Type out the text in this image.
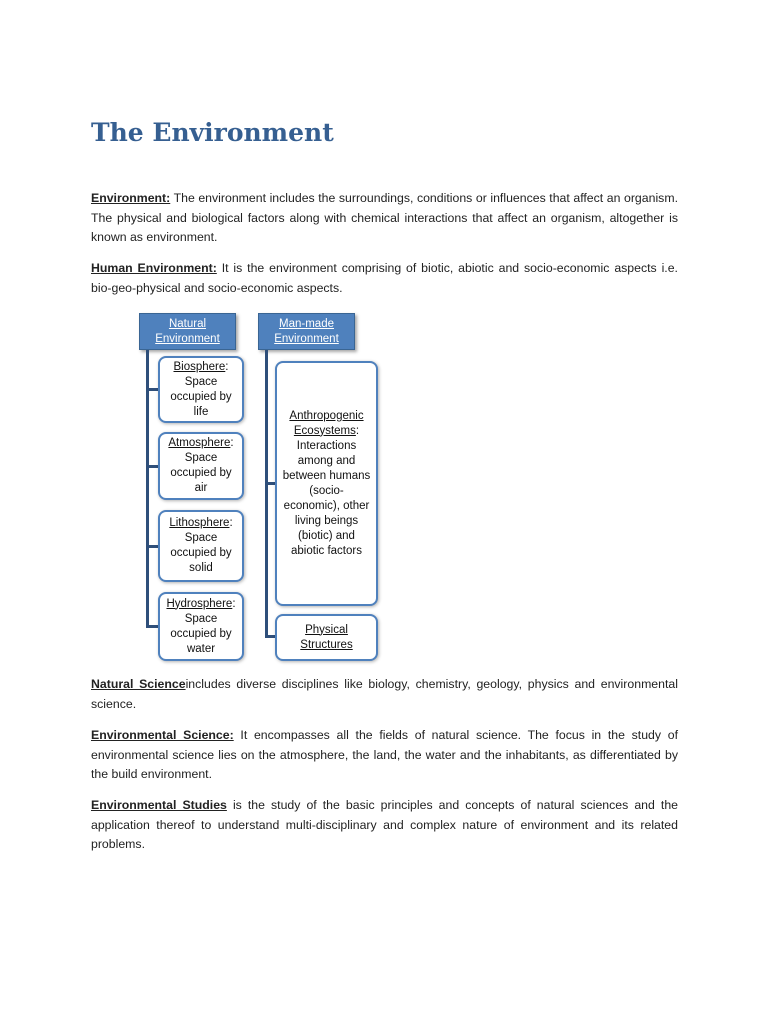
The Environment

Environment: The environment includes the surroundings, conditions or influences that affect an organism. The physical and biological factors along with chemical interactions that affect an organism, altogether is known as environment.

Human Environment: It is the environment comprising of biotic, abiotic and socio-economic aspects i.e. bio-geo-physical and socio-economic aspects.

Natural Environment
Biosphere:
Space occupied by life
Atmosphere:
Space occupied by air
Lithosphere:
Space occupied by solid
Hydrosphere:
Space occupied by water
Man-made Environment
Anthropogenic Ecosystems:
Interactions among and between humans (socio-economic), other living beings (biotic) and abiotic factors
Physical Structures

Natural Scienceincludes diverse disciplines like biology, chemistry, geology, physics and environmental science.

Environmental Science: It encompasses all the fields of natural science. The focus in the study of environmental science lies on the atmosphere, the land, the water and the inhabitants, as differentiated by the build environment.

Environmental Studies is the study of the basic principles and concepts of natural sciences and the application thereof to understand multi-disciplinary and complex nature of environment and its related problems.
